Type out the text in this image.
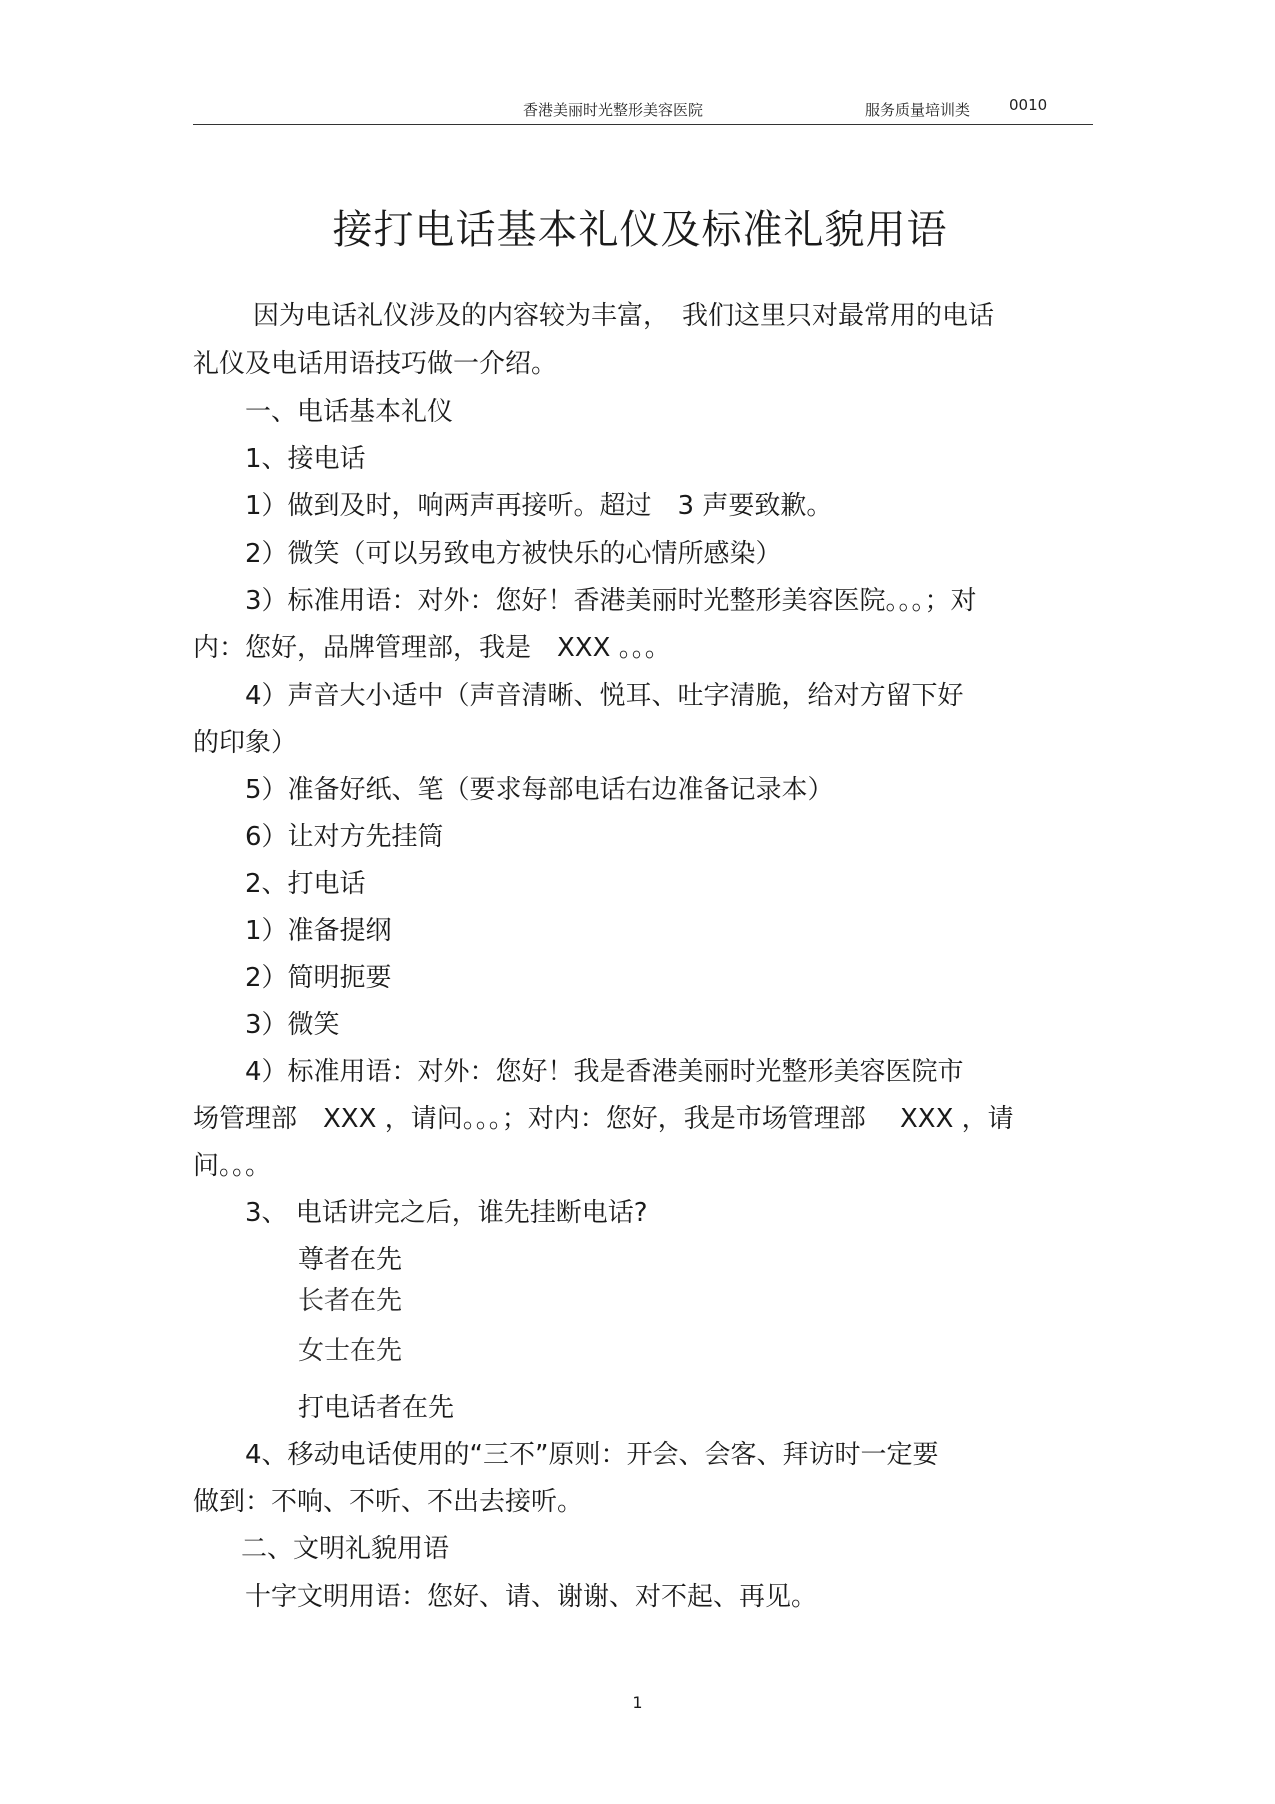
香港美丽时光整形美容医院	服务质量培训类	0010
接打电话基本礼仪及标准礼貌用语
因为电话礼仪涉及的内容较为丰富，　我们这里只对最常用的电话
礼仪及电话用语技巧做一介绍。
一、电话基本礼仪
1、接电话
1）做到及时，响两声再接听。超过　3 声要致歉。
2）微笑（可以另致电方被快乐的心情所感染）
3）标准用语：对外：您好！香港美丽时光整形美容医院。。。；对
内：您好，品牌管理部，我是　XXX 。。。
4）声音大小适中（声音清晰、悦耳、吐字清脆，给对方留下好
的印象）
5）准备好纸、笔（要求每部电话右边准备记录本）
6）让对方先挂筒
2、打电话
1）准备提纲
2）简明扼要
3）微笑
4）标准用语：对外：您好！我是香港美丽时光整形美容医院市
场管理部　XXX ，请问。。。；对内：您好，我是市场管理部　 XXX ，请
问。。。
3、 电话讲完之后，谁先挂断电话?
尊者在先
长者在先
女士在先
打电话者在先
4、移动电话使用的“三不”原则：开会、会客、拜访时一定要
做到：不响、不听、不出去接听。
二、文明礼貌用语
十字文明用语：您好、请、谢谢、对不起、再见。
1
